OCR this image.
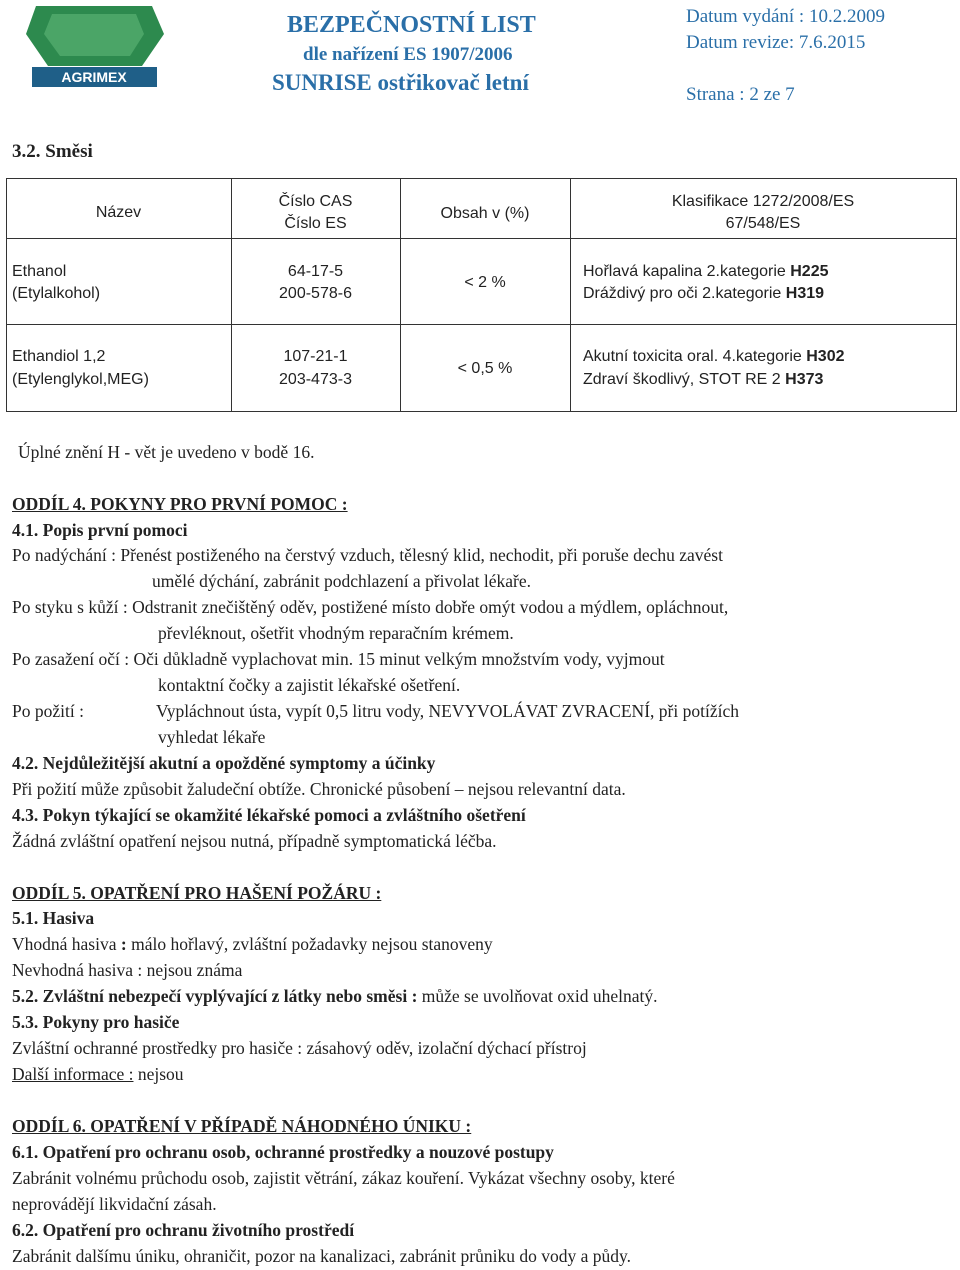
AGRIMEX
BEZPEČNOSTNÍ LIST
dle nařízení ES 1907/2006
SUNRISE ostřikovač letní
Datum vydání : 10.2.2009
Datum revize: 7.6.2015
Strana : 2 ze 7
3.2. Směsi
Název
Číslo CAS
Číslo ES
Obsah v (%)
Klasifikace 1272/2008/ES
67/548/ES
Ethanol
(Etylalkohol)
64-17-5
200-578-6
< 2 %
Hořlavá kapalina 2.kategorie H225
Dráždivý pro oči 2.kategorie H319
Ethandiol 1,2
(Etylenglykol,MEG)
107-21-1
203-473-3
< 0,5 %
Akutní toxicita oral. 4.kategorie H302
Zdraví škodlivý, STOT RE 2 H373
Úplné znění H - vět je uvedeno v bodě 16.
ODDÍL 4. POKYNY PRO PRVNÍ POMOC :
4.1. Popis první pomoci
Po nadýchání : Přenést postiženého na čerstvý vzduch, tělesný klid, nechodit, při poruše dechu zavést
umělé dýchání, zabránit podchlazení a přivolat lékaře.
Po styku s kůží : Odstranit znečištěný oděv, postižené místo dobře omýt vodou a mýdlem, opláchnout,
převléknout, ošetřit vhodným reparačním krémem.
Po zasažení očí : Oči důkladně vyplachovat min. 15 minut velkým množstvím vody, vyjmout
kontaktní čočky a zajistit lékařské ošetření.
Po požití :	Vypláchnout ústa, vypít 0,5 litru vody, NEVYVOLÁVAT ZVRACENÍ, při potížích
vyhledat lékaře
4.2. Nejdůležitější akutní a opožděné symptomy a účinky
Při požití může způsobit žaludeční obtíže. Chronické působení – nejsou relevantní data.
4.3. Pokyn týkající se okamžité lékařské pomoci a zvláštního ošetření
Žádná zvláštní opatření nejsou nutná, případně symptomatická léčba.
ODDÍL 5. OPATŘENÍ PRO HAŠENÍ POŽÁRU :
5.1. Hasiva
Vhodná hasiva : málo hořlavý, zvláštní požadavky nejsou stanoveny
Nevhodná hasiva : nejsou známa
5.2. Zvláštní nebezpečí vyplývající z látky nebo směsi : může se uvolňovat oxid uhelnatý.
5.3. Pokyny pro hasiče
Zvláštní ochranné prostředky pro hasiče : zásahový oděv, izolační dýchací přístroj
Další informace : nejsou
ODDÍL 6. OPATŘENÍ V PŘÍPADĚ NÁHODNÉHO ÚNIKU :
6.1. Opatření pro ochranu osob, ochranné prostředky a nouzové postupy
Zabránit volnému průchodu osob, zajistit větrání, zákaz kouření. Vykázat všechny osoby, které
neprovádějí likvidační zásah.
6.2. Opatření pro ochranu životního prostředí
Zabránit dalšímu úniku, ohraničit, pozor na kanalizaci, zabránit průniku do vody a půdy.
